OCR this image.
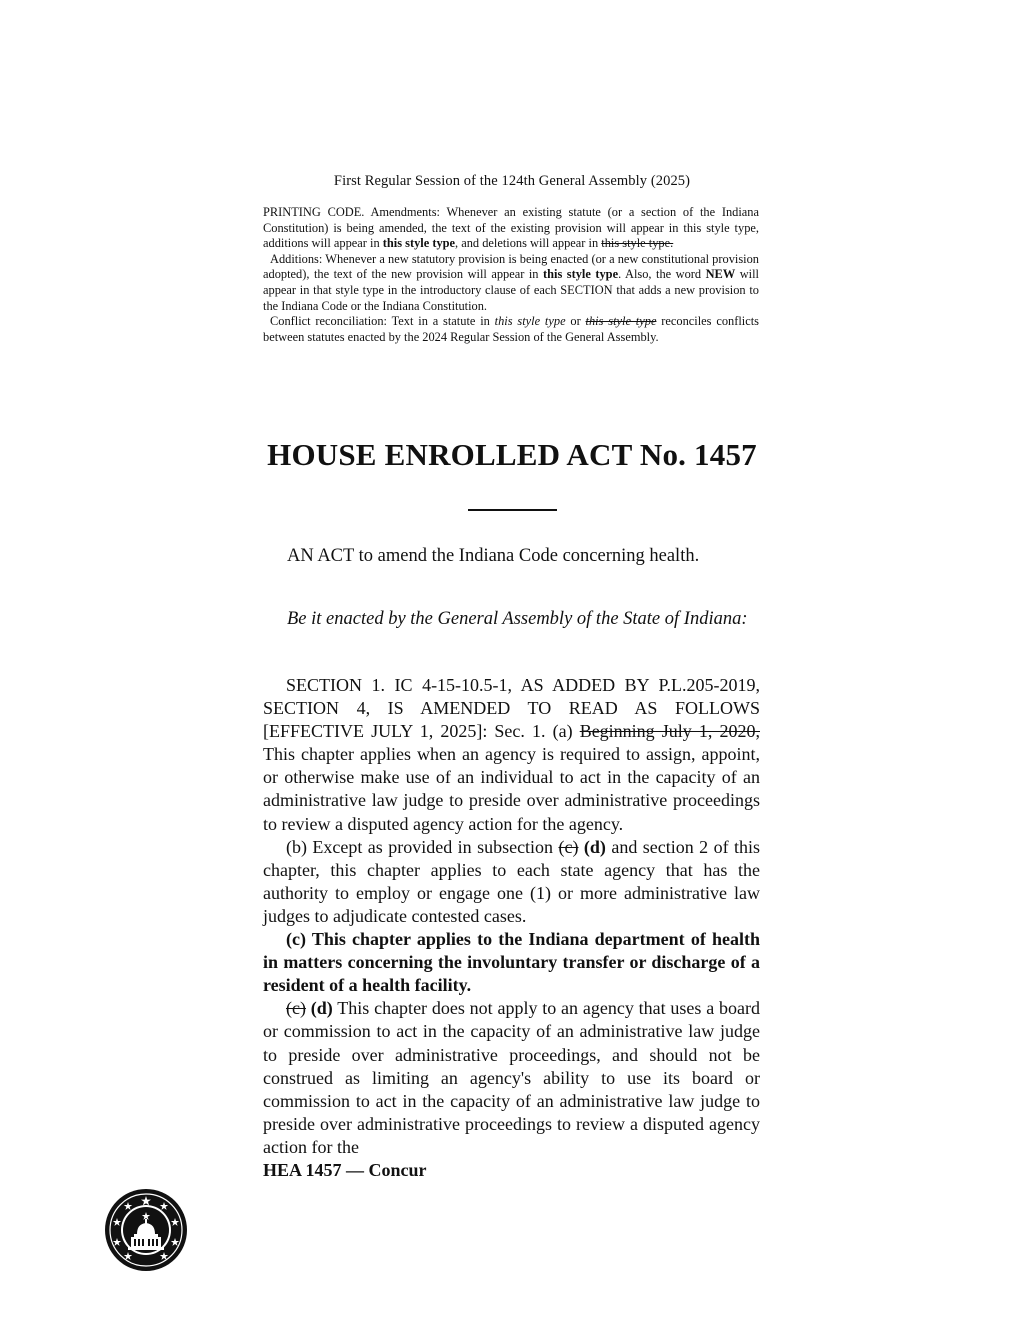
First Regular Session of the 124th General Assembly (2025)

PRINTING CODE. Amendments: Whenever an existing statute (or a section of the Indiana Constitution) is being amended, the text of the existing provision will appear in this style type, additions will appear in this style type, and deletions will appear in this style type.

Additions: Whenever a new statutory provision is being enacted (or a new constitutional provision adopted), the text of the new provision will appear in this style type. Also, the word NEW will appear in that style type in the introductory clause of each SECTION that adds a new provision to the Indiana Code or the Indiana Constitution.

Conflict reconciliation: Text in a statute in this style type or this style type reconciles conflicts between statutes enacted by the 2024 Regular Session of the General Assembly.

HOUSE ENROLLED ACT No. 1457
AN ACT to amend the Indiana Code concerning health.
Be it enacted by the General Assembly of the State of Indiana:

SECTION 1. IC 4-15-10.5-1, AS ADDED BY P.L.205-2019, SECTION 4, IS AMENDED TO READ AS FOLLOWS [EFFECTIVE JULY 1, 2025]: Sec. 1. (a) Beginning July 1, 2020, This chapter applies when an agency is required to assign, appoint, or otherwise make use of an individual to act in the capacity of an administrative law judge to preside over administrative proceedings to review a disputed agency action for the agency.

(b) Except as provided in subsection (c) (d) and section 2 of this chapter, this chapter applies to each state agency that has the authority to employ or engage one (1) or more administrative law judges to adjudicate contested cases.

(c) This chapter applies to the Indiana department of health in matters concerning the involuntary transfer or discharge of a resident of a health facility.

(c) (d) This chapter does not apply to an agency that uses a board or commission to act in the capacity of an administrative law judge to preside over administrative proceedings, and should not be construed as limiting an agency's ability to use its board or commission to act in the capacity of an administrative law judge to preside over administrative proceedings to review a disputed agency action for the

HEA 1457 — Concur
